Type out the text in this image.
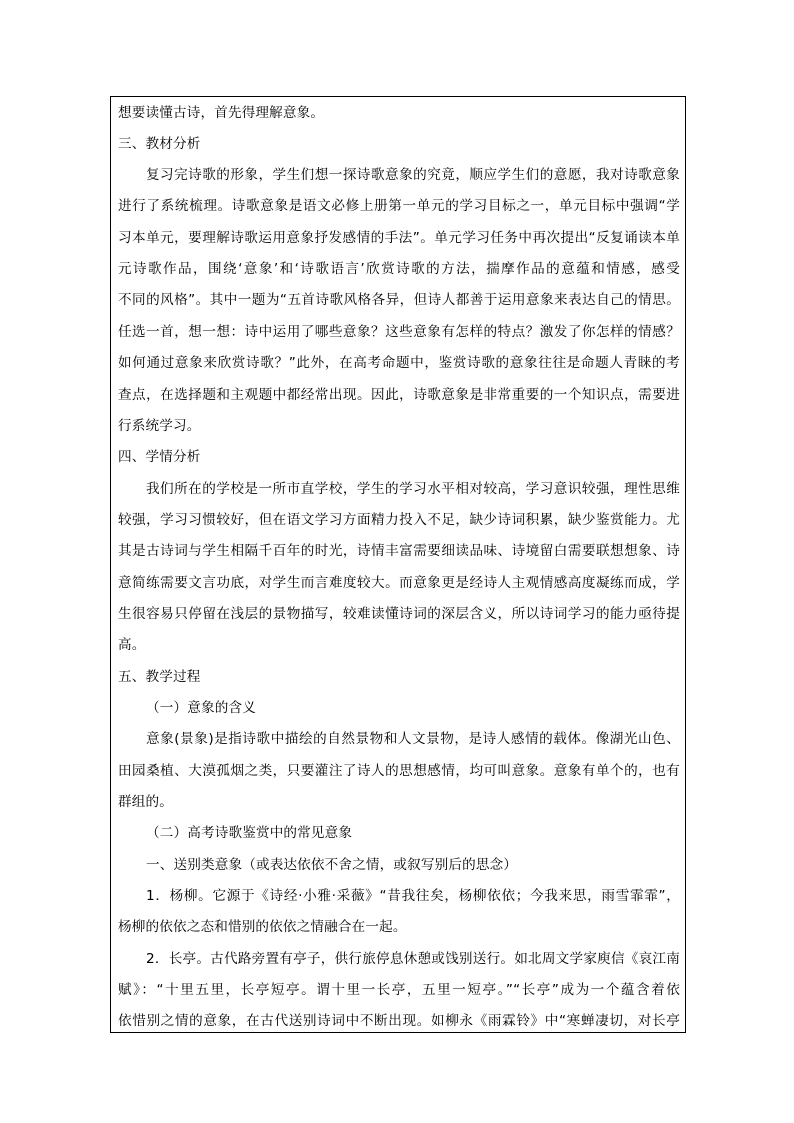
想要读懂古诗，首先得理解意象。
三、教材分析
复习完诗歌的形象，学生们想一探诗歌意象的究竟，顺应学生们的意愿，我对诗歌意象
进行了系统梳理。诗歌意象是语文必修上册第一单元的学习目标之一，单元目标中强调“学
习本单元，要理解诗歌运用意象抒发感情的手法”。单元学习任务中再次提出“反复诵读本单
元诗歌作品，围绕‘意象’和‘诗歌语言’欣赏诗歌的方法，揣摩作品的意蕴和情感，感受
不同的风格”。其中一题为“五首诗歌风格各异，但诗人都善于运用意象来表达自己的情思。
任选一首，想一想：诗中运用了哪些意象？这些意象有怎样的特点？激发了你怎样的情感？
如何通过意象来欣赏诗歌？”此外，在高考命题中，鉴赏诗歌的意象往往是命题人青睐的考
查点，在选择题和主观题中都经常出现。因此，诗歌意象是非常重要的一个知识点，需要进
行系统学习。
四、学情分析
我们所在的学校是一所市直学校，学生的学习水平相对较高，学习意识较强，理性思维
较强，学习习惯较好，但在语文学习方面精力投入不足，缺少诗词积累，缺少鉴赏能力。尤
其是古诗词与学生相隔千百年的时光，诗情丰富需要细读品味、诗境留白需要联想想象、诗
意简练需要文言功底，对学生而言难度较大。而意象更是经诗人主观情感高度凝练而成，学
生很容易只停留在浅层的景物描写，较难读懂诗词的深层含义，所以诗词学习的能力亟待提
高。
五、教学过程
（一）意象的含义
意象(景象)是指诗歌中描绘的自然景物和人文景物，是诗人感情的载体。像湖光山色、
田园桑植、大漠孤烟之类，只要灌注了诗人的思想感情，均可叫意象。意象有单个的，也有
群组的。
（二）高考诗歌鉴赏中的常见意象
一、送别类意象（或表达依依不舍之情，或叙写别后的思念）
1．杨柳。它源于《诗经·小雅·采薇》“昔我往矣，杨柳依依；今我来思，雨雪霏霏”，
杨柳的依依之态和惜别的依依之情融合在一起。
2．长亭。古代路旁置有亭子，供行旅停息休憩或饯别送行。如北周文学家庾信《哀江南
赋》：“十里五里，长亭短亭。谓十里一长亭，五里一短亭。”“长亭”成为一个蕴含着依
依惜别之情的意象，在古代送别诗词中不断出现。如柳永《雨霖铃》中“寒蝉凄切，对长亭
